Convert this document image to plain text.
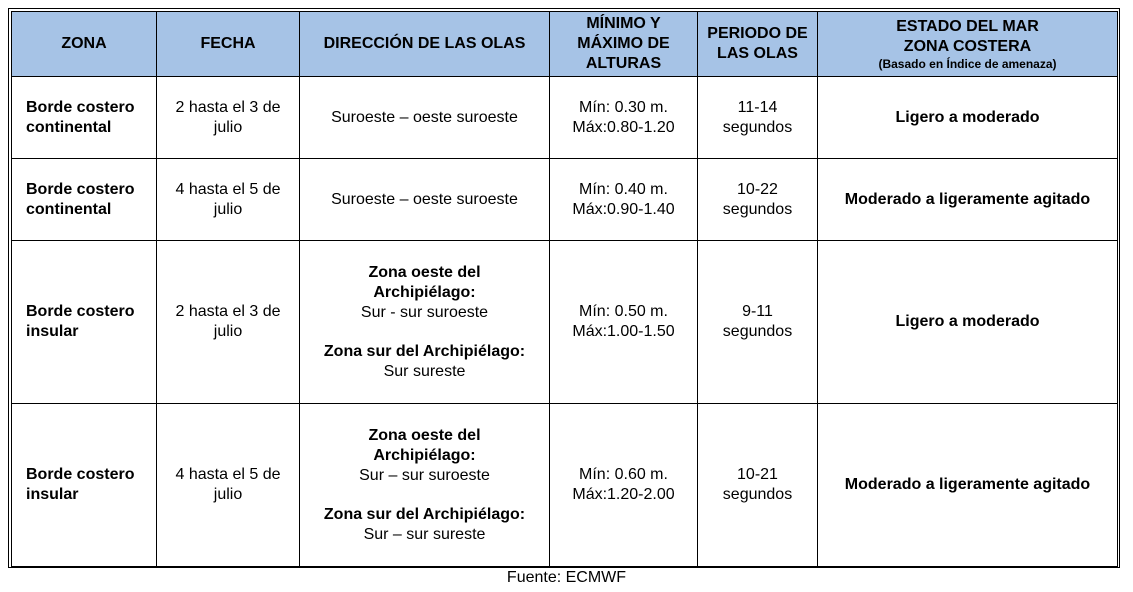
ZONA	FECHA	DIRECCIÓN DE LAS OLAS	MÍNIMO Y
MÁXIMO DE
ALTURAS	PERIODO DE
LAS OLAS	ESTADO DEL MAR
ZONA COSTERA
(Basado en Índice de amenaza)

Borde costero
continental	2 hasta el 3 de
julio	Suroeste – oeste suroeste	Mín: 0.30 m.
Máx:0.80-1.20	11-14
segundos	Ligero a moderado

Borde costero
continental	4 hasta el 5 de
julio	Suroeste – oeste suroeste	Mín: 0.40 m.
Máx:0.90-1.40	10-22
segundos	Moderado a ligeramente agitado

Borde costero
insular	2 hasta el 3 de
julio	Zona oeste del
Archipiélago:
Sur - sur suroeste
Zona sur del Archipiélago:
Sur sureste	Mín: 0.50 m.
Máx:1.00-1.50	9-11
segundos	Ligero a moderado

Borde costero
insular	4 hasta el 5 de
julio	Zona oeste del
Archipiélago:
Sur – sur suroeste
Zona sur del Archipiélago:
Sur – sur sureste	Mín: 0.60 m.
Máx:1.20-2.00	10-21
segundos	Moderado a ligeramente agitado
Fuente: ECMWF
